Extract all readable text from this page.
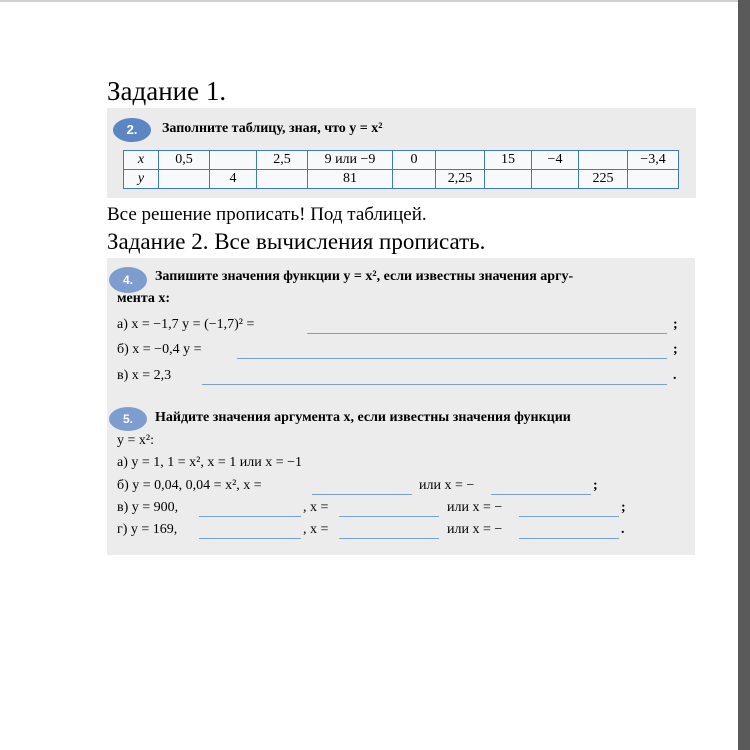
Задание 1.
2.	Заполните таблицу, зная, что y = x²
x	0,5		2,5	9 или −9	0		15	−4		−3,4
y		4		81		2,25			225	
Все решение прописать! Под таблицей.
Задание 2. Все вычисления прописать.
4.	Запишите значения функции y = x², если известны значения аргу-
мента x:
а) x = −1,7 y = (−1,7)² =	;
б) x = −0,4 y =	;
в) x = 2,3	.
5.	Найдите значения аргумента x, если известны значения функции
y = x²:
а) y = 1, 1 = x², x = 1 или x = −1
б) y = 0,04, 0,04 = x², x =	или x = −	;
в) y = 900,	, x =	или x = −	;
г) y = 169,	, x =	или x = −	.
